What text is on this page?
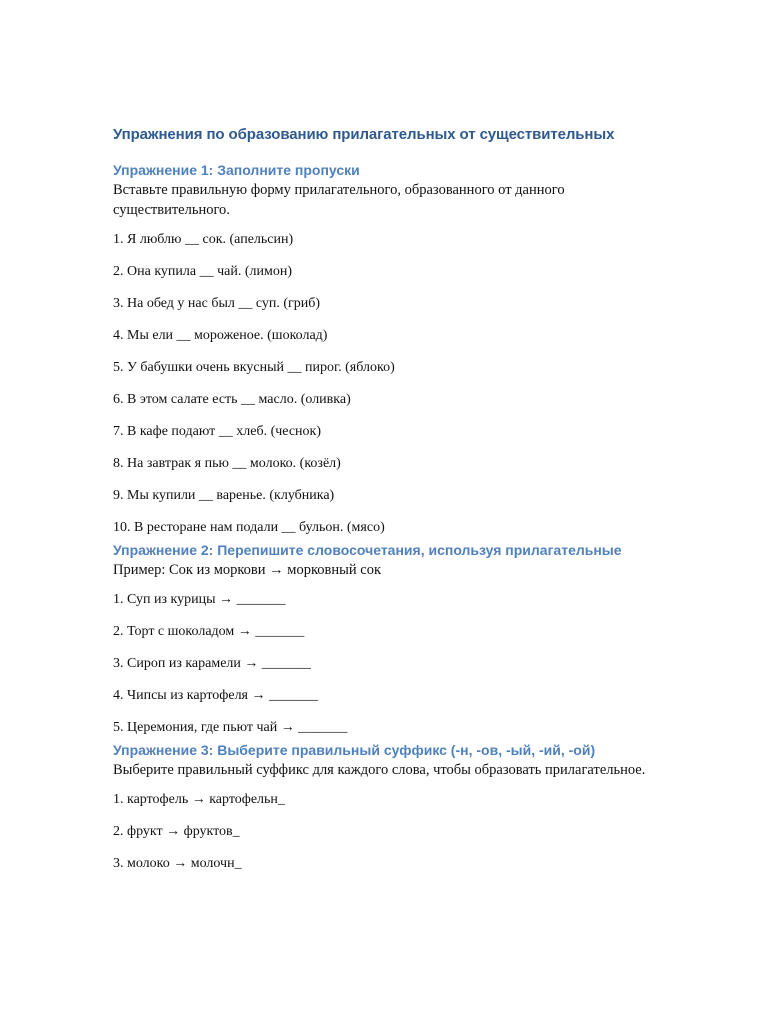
Упражнения по образованию прилагательных от существительных
Упражнение 1: Заполните пропуски

Вставьте правильную форму прилагательного, образованного от данного существительного.

1. Я люблю __ сок. (апельсин)
2. Она купила __ чай. (лимон)
3. На обед у нас был __ суп. (гриб)
4. Мы ели __ мороженое. (шоколад)
5. У бабушки очень вкусный __ пирог. (яблоко)
6. В этом салате есть __ масло. (оливка)
7. В кафе подают __ хлеб. (чеснок)
8. На завтрак я пью __ молоко. (козёл)
9. Мы купили __ варенье. (клубника)
10. В ресторане нам подали __ бульон. (мясо)
Упражнение 2: Перепишите словосочетания, используя прилагательные

Пример: Сок из моркови → морковный сок

1. Суп из курицы → _______
2. Торт с шоколадом → _______
3. Сироп из карамели → _______
4. Чипсы из картофеля → _______
5. Церемония, где пьют чай → _______
Упражнение 3: Выберите правильный суффикс (-н, -ов, -ый, -ий, -ой)

Выберите правильный суффикс для каждого слова, чтобы образовать прилагательное.

1. картофель → картофельн_
2. фрукт → фруктов_
3. молоко → молочн_
